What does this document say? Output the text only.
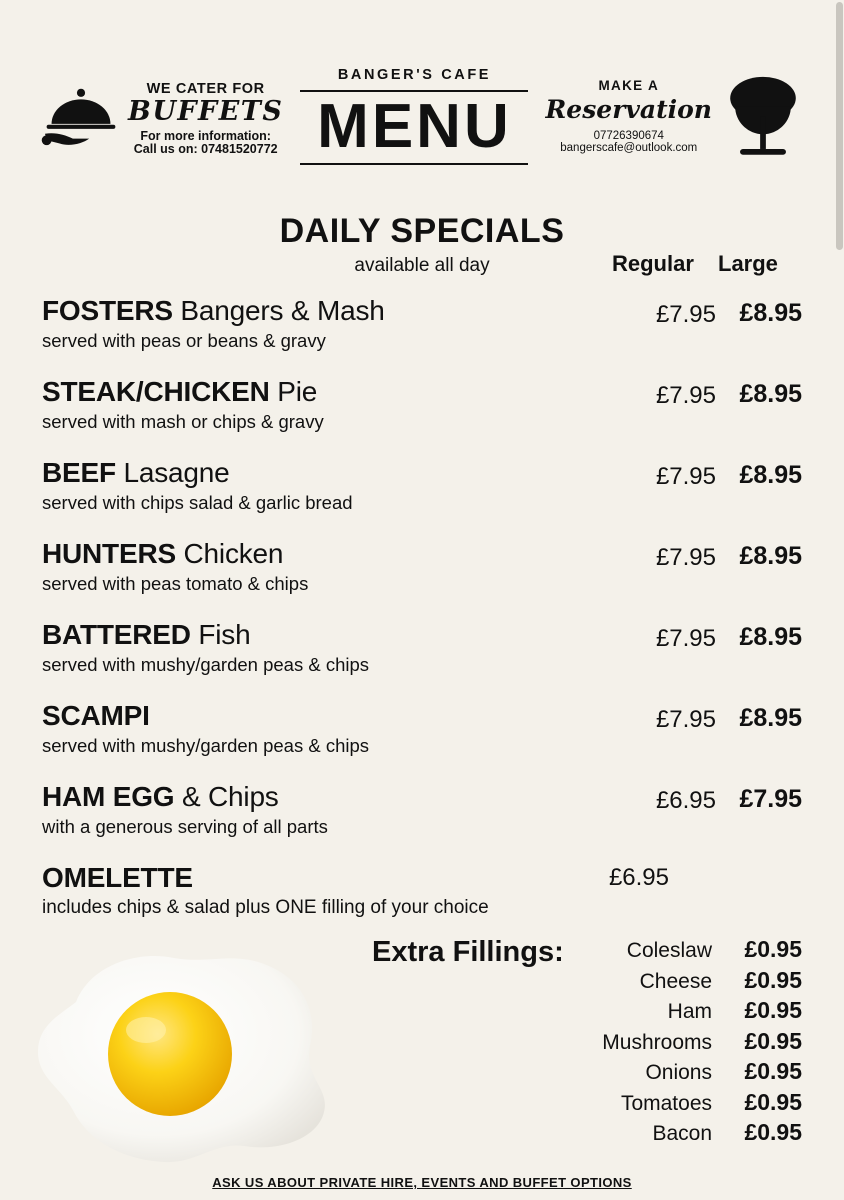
WE CATER FOR
BUFFETS
For more information:
Call us on: 07481520772
BANGER'S CAFE
MENU
MAKE A
Reservation
07726390674
bangerscafe@outlook.com
DAILY SPECIALS
available all day	Regular Large
FOSTERS Bangers & Mash
served with peas or beans & gravy
£7.95 £8.95
STEAK/CHICKEN Pie
served with mash or chips & gravy
£7.95 £8.95
BEEF Lasagne
served with chips salad & garlic bread
£7.95 £8.95
HUNTERS Chicken
served with peas tomato & chips
£7.95 £8.95
BATTERED Fish
served with mushy/garden peas & chips
£7.95 £8.95
SCAMPI
served with mushy/garden peas & chips
£7.95 £8.95
HAM EGG & Chips
with a generous serving of all parts
£6.95 £7.95
OMELETTE
includes chips & salad plus ONE filling of your choice
£6.95
Extra Fillings:	Coleslaw	£0.95
Cheese	£0.95
Ham	£0.95
Mushrooms	£0.95
Onions	£0.95
Tomatoes	£0.95
Bacon	£0.95
ASK US ABOUT PRIVATE HIRE, EVENTS AND BUFFET OPTIONS
